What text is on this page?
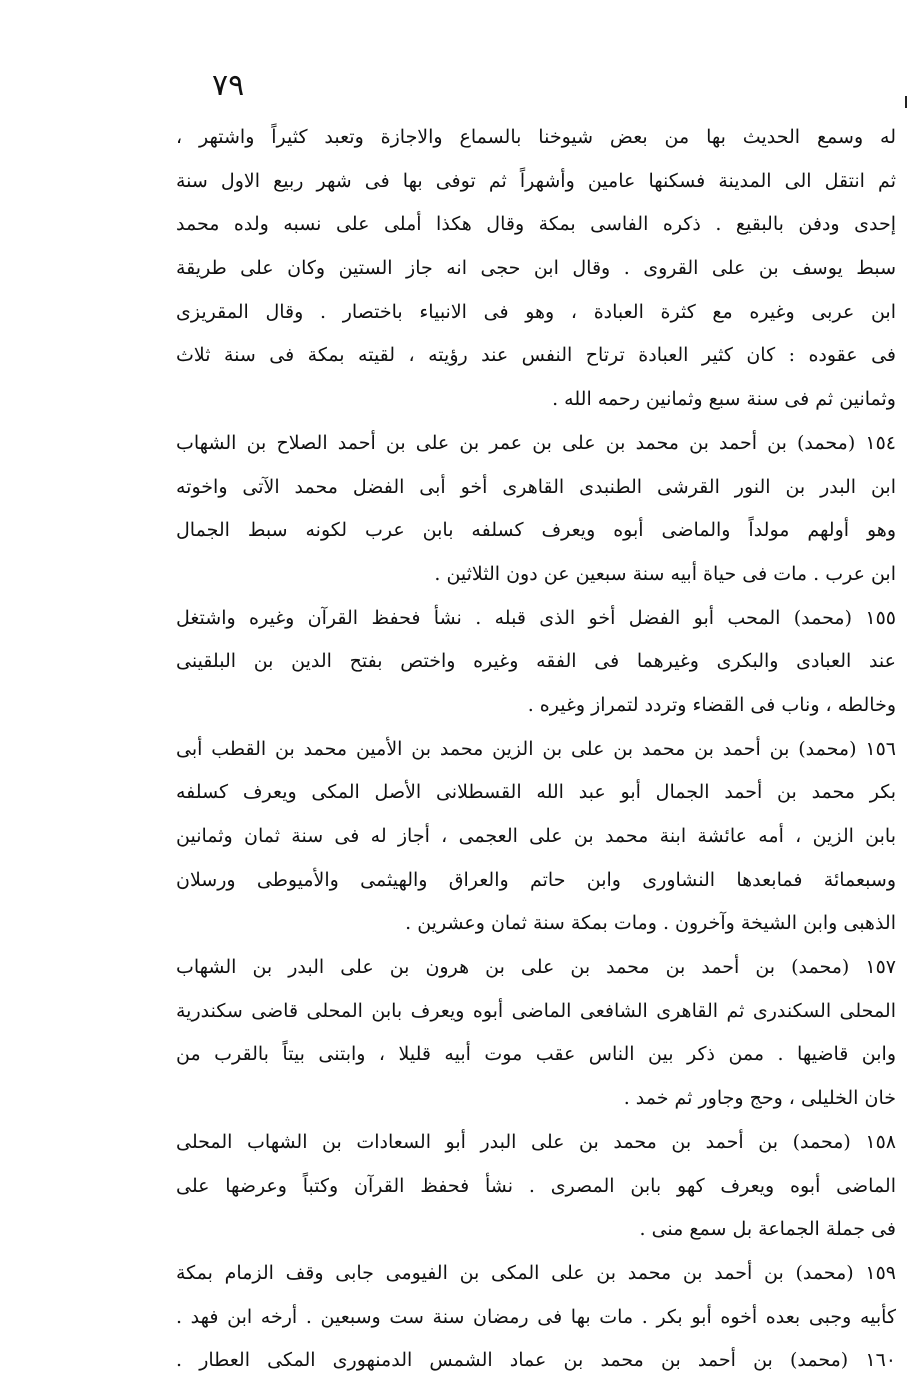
٧٩
له وسمع الحديث بها من بعض شيوخنا بالسماع والاجازة وتعبد كثيراً واشتهر ،
ثم انتقل الى المدينة فسكنها عامين وأشهراً ثم توفى بها فى شهر ربيع الاول سنة
إحدى ودفن بالبقيع . ذكره الفاسى بمكة وقال هكذا أملى على نسبه ولده محمد
سبط يوسف بن على القروى . وقال ابن حجى انه جاز الستين وكان على طريقة
ابن عربى وغيره مع كثرة العبادة ، وهو فى الانبياء باختصار . وقال المقريزى
فى عقوده : كان كثير العبادة ترتاح النفس عند رؤيته ، لقيته بمكة فى سنة ثلاث
وثمانين ثم فى سنة سبع وثمانين رحمه الله .
١٥٤ (محمد) بن أحمد بن محمد بن على بن عمر بن على بن أحمد الصلاح بن الشهاب
ابن البدر بن النور القرشى الطنبدى القاهرى أخو أبى الفضل محمد الآتى واخوته
وهو أولهم مولداً والماضى أبوه ويعرف كسلفه بابن عرب لكونه سبط الجمال
ابن عرب . مات فى حياة أبيه سنة سبعين عن دون الثلاثين .
١٥٥ (محمد) المحب أبو الفضل أخو الذى قبله . نشأ فحفظ القرآن وغيره واشتغل
عند العبادى والبكرى وغيرهما فى الفقه وغيره واختص بفتح الدين بن البلقينى
وخالطه ، وناب فى القضاء وتردد لتمراز وغيره .
١٥٦ (محمد) بن أحمد بن محمد بن على بن الزين محمد بن الأمين محمد بن القطب أبى
بكر محمد بن أحمد الجمال أبو عبد الله القسطلانى الأصل المكى ويعرف كسلفه
بابن الزين ، أمه عائشة ابنة محمد بن على العجمى ، أجاز له فى سنة ثمان وثمانين
وسبعمائة فمابعدها النشاورى وابن حاتم والعراق والهيثمى والأميوطى ورسلان
الذهبى وابن الشيخة وآخرون . ومات بمكة سنة ثمان وعشرين .
١٥٧ (محمد) بن أحمد بن محمد بن على بن هرون بن على البدر بن الشهاب
المحلى السكندرى ثم القاهرى الشافعى الماضى أبوه ويعرف بابن المحلى قاضى سكندرية
وابن قاضيها . ممن ذكر بين الناس عقب موت أبيه قليلا ، وابتنى بيتاً بالقرب من
خان الخليلى ، وحج وجاور ثم خمد .
١٥٨ (محمد) بن أحمد بن محمد بن على البدر أبو السعادات بن الشهاب المحلى
الماضى أبوه ويعرف كهو بابن المصرى . نشأ فحفظ القرآن وكتباً وعرضها على
فى جملة الجماعة بل سمع منى .
١٥٩ (محمد) بن أحمد بن محمد بن على المكى بن الفيومى جابى وقف الزمام بمكة
كأبيه وجبى بعده أخوه أبو بكر . مات بها فى رمضان سنة ست وسبعين . أرخه ابن فهد .
١٦٠ (محمد) بن أحمد بن محمد بن عماد الشمس الدمنهورى المكى العطار .
